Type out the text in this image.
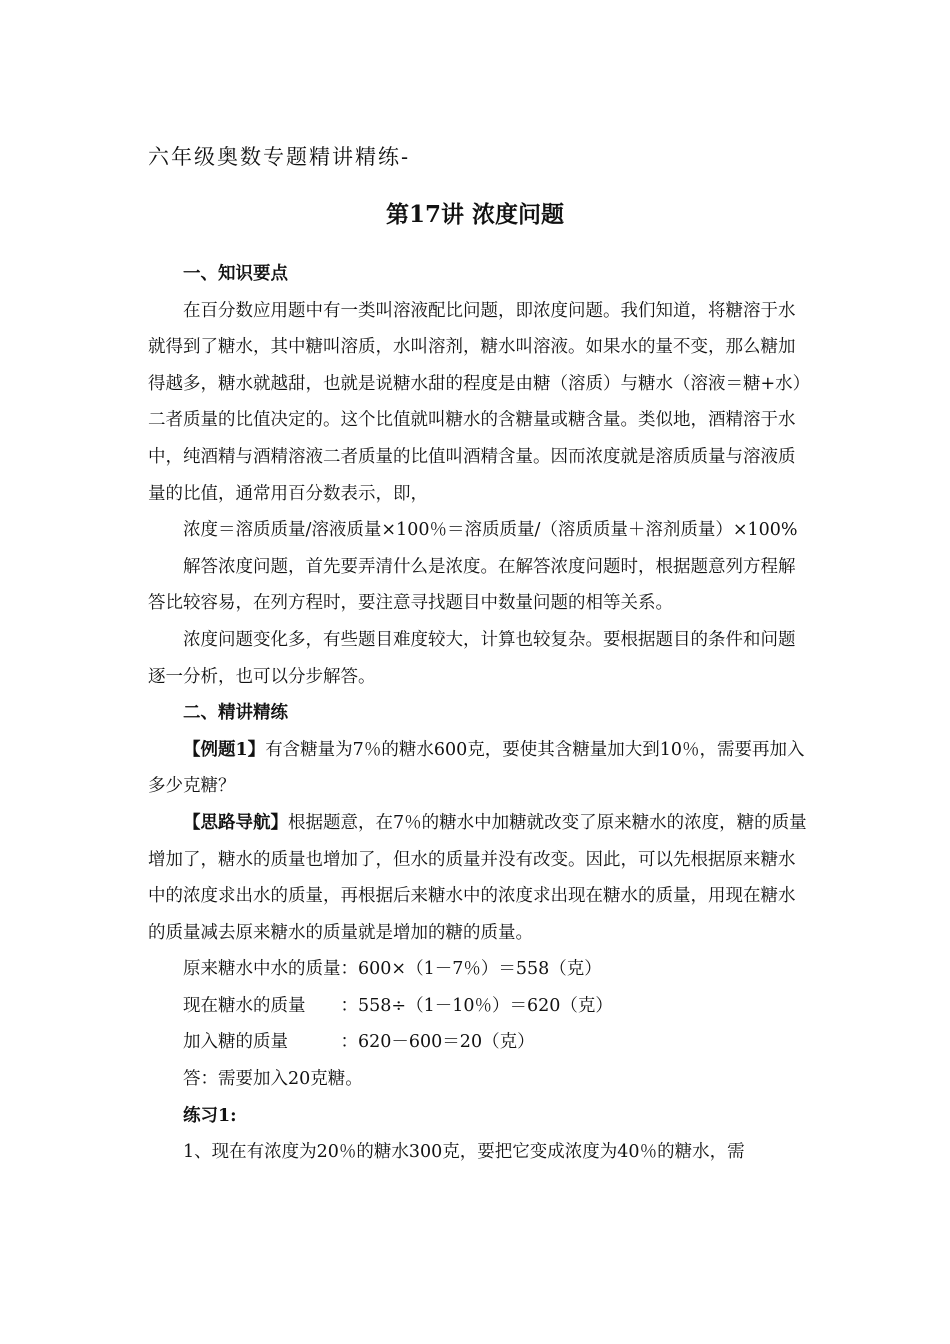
六年级奥数专题精讲精练-
第17讲 浓度问题

一、知识要点

在百分数应用题中有一类叫溶液配比问题，即浓度问题。我们知道，将糖溶于水就得到了糖水，其中糖叫溶质，水叫溶剂，糖水叫溶液。如果水的量不变，那么糖加得越多，糖水就越甜，也就是说糖水甜的程度是由糖（溶质）与糖水（溶液＝糖+水）二者质量的比值决定的。这个比值就叫糖水的含糖量或糖含量。类似地，酒精溶于水中，纯酒精与酒精溶液二者质量的比值叫酒精含量。因而浓度就是溶质质量与溶液质量的比值，通常用百分数表示，即，

浓度＝溶质质量/溶液质量×100％＝溶质质量/（溶质质量＋溶剂质量）×100%

解答浓度问题，首先要弄清什么是浓度。在解答浓度问题时，根据题意列方程解答比较容易，在列方程时，要注意寻找题目中数量问题的相等关系。

浓度问题变化多，有些题目难度较大，计算也较复杂。要根据题目的条件和问题逐一分析，也可以分步解答。

二、精讲精练

【例题1】有含糖量为7％的糖水600克，要使其含糖量加大到10％，需要再加入多少克糖？

【思路导航】根据题意，在7％的糖水中加糖就改变了原来糖水的浓度，糖的质量增加了，糖水的质量也增加了，但水的质量并没有改变。因此，可以先根据原来糖水中的浓度求出水的质量，再根据后来糖水中的浓度求出现在糖水的质量，用现在糖水的质量减去原来糖水的质量就是增加的糖的质量。

原来糖水中水的质量：600×（1－7％）＝558（克）

现在糖水的质量　　：558÷（1－10％）＝620（克）

加入糖的质量　　　：620－600＝20（克）

答：需要加入20克糖。

练习1:

1、现在有浓度为20％的糖水300克，要把它变成浓度为40％的糖水，需
